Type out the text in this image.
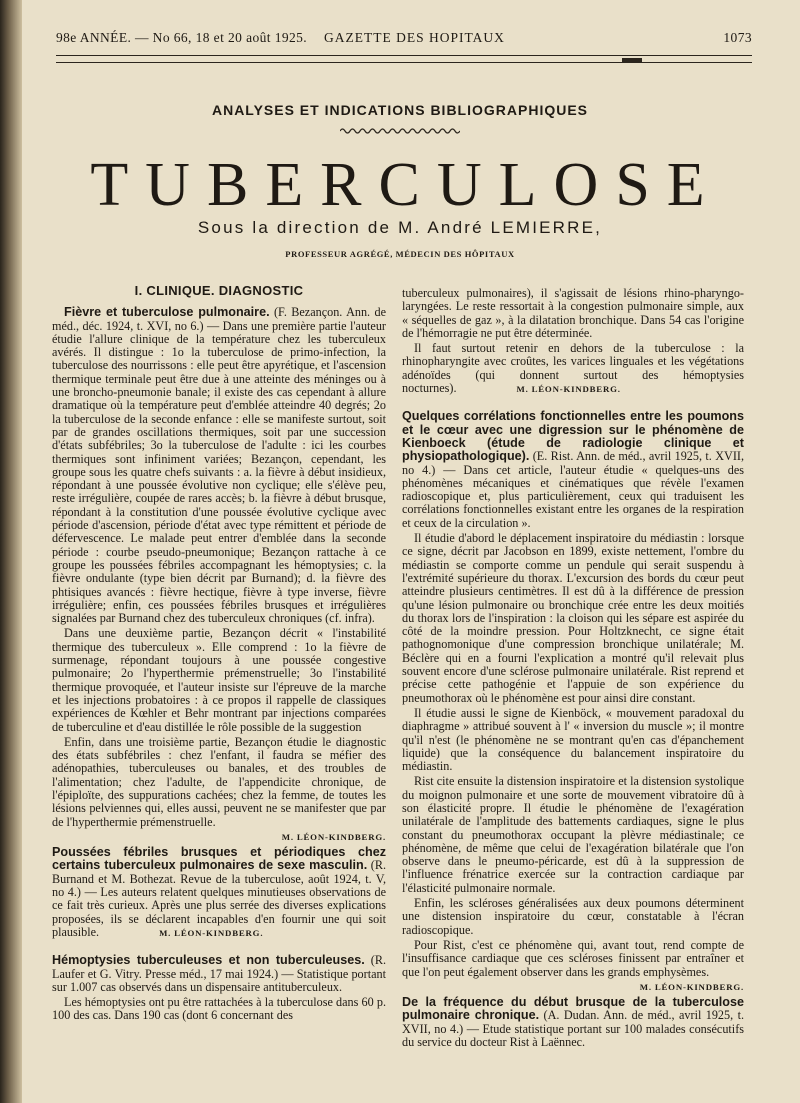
98e ANNÉE. — No 66, 18 et 20 août 1925. GAZETTE DES HOPITAUX	1073
ANALYSES ET INDICATIONS BIBLIOGRAPHIQUES
TUBERCULOSE
Sous la direction de M. André LEMIERRE,
PROFESSEUR AGRÉGÉ, MÉDECIN DES HÔPITAUX
I. CLINIQUE. DIAGNOSTIC

Fièvre et tuberculose pulmonaire. (F. Bezançon. Ann. de méd., déc. 1924, t. XVI, no 6.) — Dans une première partie l'auteur étudie l'allure clinique de la température chez les tuberculeux avérés. Il distingue : 1o la tuberculose de primo-infection, la tuberculose des nourrissons : elle peut être apyrétique, et l'ascension thermique terminale peut être due à une atteinte des méninges ou à une broncho-pneumonie banale; il existe des cas cependant à allure dramatique où la température peut d'emblée atteindre 40 degrés; 2o la tuberculose de la seconde enfance : elle se manifeste surtout, soit par de grandes oscillations thermiques, soit par une succession d'états subfébriles; 3o la tuberculose de l'adulte : ici les courbes thermiques sont infiniment variées; Bezançon, cependant, les groupe sous les quatre chefs suivants : a. la fièvre à début insidieux, répondant à une poussée évolutive non cyclique; elle s'élève peu, reste irrégulière, coupée de rares accès; b. la fièvre à début brusque, répondant à la constitution d'une poussée évolutive cyclique avec période d'ascension, période d'état avec type rémittent et période de défervescence. Le malade peut entrer d'emblée dans la seconde période : courbe pseudo-pneumonique; Bezançon rattache à ce groupe les poussées fébriles accompagnant les hémoptysies; c. la fièvre ondulante (type bien décrit par Burnand); d. la fièvre des phtisiques avancés : fièvre hectique, fièvre à type inverse, fièvre irrégulière; enfin, ces poussées fébriles brusques et irrégulières signalées par Burnand chez des tuberculeux chroniques (cf. infra).

Dans une deuxième partie, Bezançon décrit « l'instabilité thermique des tuberculeux ». Elle comprend : 1o la fièvre de surmenage, répondant toujours à une poussée congestive pulmonaire; 2o l'hyperthermie prémenstruelle; 3o l'instabilité thermique provoquée, et l'auteur insiste sur l'épreuve de la marche et les injections probatoires : à ce propos il rappelle de classiques expériences de Kœhler et Behr montrant par injections comparées de tuberculine et d'eau distillée le rôle possible de la suggestion

Enfin, dans une troisième partie, Bezançon étudie le diagnostic des états subfébriles : chez l'enfant, il faudra se méfier des adénopathies, tuberculeuses ou banales, et des troubles de l'alimentation; chez l'adulte, de l'appendicite chronique, de l'épiploïte, des suppurations cachées; chez la femme, de toutes les lésions pelviennes qui, elles aussi, peuvent ne se manifester que par de l'hyperthermie prémenstruelle.

M. LÉON-KINDBERG.

Poussées fébriles brusques et périodiques chez certains tuberculeux pulmonaires de sexe masculin. (R. Burnand et M. Bothezat. Revue de la tuberculose, août 1924, t. V, no 4.) — Les auteurs relatent quelques minutieuses observations de ce fait très curieux. Après une plus serrée des diverses explications proposées, ils se déclarent incapables d'en fournir une qui soit plausible.	M. LÉON-KINDBERG.

Hémoptysies tuberculeuses et non tuberculeuses. (R. Laufer et G. Vitry. Presse méd., 17 mai 1924.) — Statistique portant sur 1.007 cas observés dans un dispensaire antituberculeux.

Les hémoptysies ont pu être rattachées à la tuberculose dans 60 p. 100 des cas. Dans 190 cas (dont 6 concernant des

tuberculeux pulmonaires), il s'agissait de lésions rhino-pharyngo-laryngées. Le reste ressortait à la congestion pulmonaire simple, aux « séquelles de gaz », à la dilatation bronchique. Dans 54 cas l'origine de l'hémorragie ne put être déterminée.

Il faut surtout retenir en dehors de la tuberculose : la rhinopharyngite avec croûtes, les varices linguales et les végétations adénoïdes (qui donnent surtout des hémoptysies nocturnes).	M. LÉON-KINDBERG.

Quelques corrélations fonctionnelles entre les poumons et le cœur avec une digression sur le phénomène de Kienboeck (étude de radiologie clinique et physiopathologique). (E. Rist. Ann. de méd., avril 1925, t. XVII, no 4.) — Dans cet article, l'auteur étudie « quelques-uns des phénomènes mécaniques et cinématiques que révèle l'examen radioscopique et, plus particulièrement, ceux qui traduisent les corrélations fonctionnelles existant entre les organes de la respiration et ceux de la circulation ».

Il étudie d'abord le déplacement inspiratoire du médiastin : lorsque ce signe, décrit par Jacobson en 1899, existe nettement, l'ombre du médiastin se comporte comme un pendule qui serait suspendu à l'extrémité supérieure du thorax. L'excursion des bords du cœur peut atteindre plusieurs centimètres. Il est dû à la différence de pression qu'une lésion pulmonaire ou bronchique crée entre les deux moitiés du thorax lors de l'inspiration : la cloison qui les sépare est aspirée du côté de la moindre pression. Pour Holtzknecht, ce signe était pathognomonique d'une compression bronchique unilatérale; M. Béclère qui en a fourni l'explication a montré qu'il relevait plus souvent encore d'une sclérose pulmonaire unilatérale. Rist reprend et précise cette pathogénie et l'appuie de son expérience du pneumothorax où le phénomène est pour ainsi dire constant.

Il étudie aussi le signe de Kienböck, « mouvement paradoxal du diaphragme » attribué souvent à l' « inversion du muscle »; il montre qu'il n'est (le phénomène ne se montrant qu'en cas d'épanchement liquide) que la conséquence du balancement inspiratoire du médiastin.

Rist cite ensuite la distension inspiratoire et la distension systolique du moignon pulmonaire et une sorte de mouvement vibratoire dû à son élasticité propre. Il étudie le phénomène de l'exagération unilatérale de l'amplitude des battements cardiaques, signe le plus constant du pneumothorax occupant la plèvre médiastinale; ce phénomène, de même que celui de l'exagération bilatérale que l'on observe dans le pneumo-péricarde, est dû à la suppression de l'influence frénatrice exercée sur la contraction cardiaque par l'élasticité pulmonaire normale.

Enfin, les scléroses généralisées aux deux poumons déterminent une distension inspiratoire du cœur, constatable à l'écran radioscopique.

Pour Rist, c'est ce phénomène qui, avant tout, rend compte de l'insuffisance cardiaque que ces scléroses finissent par entraîner et que l'on peut également observer dans les grands emphysèmes.

M. LÉON-KINDBERG.

De la fréquence du début brusque de la tuberculose pulmonaire chronique. (A. Dudan. Ann. de méd., avril 1925, t. XVII, no 4.) — Etude statistique portant sur 100 malades consécutifs du service du docteur Rist à Laënnec.
